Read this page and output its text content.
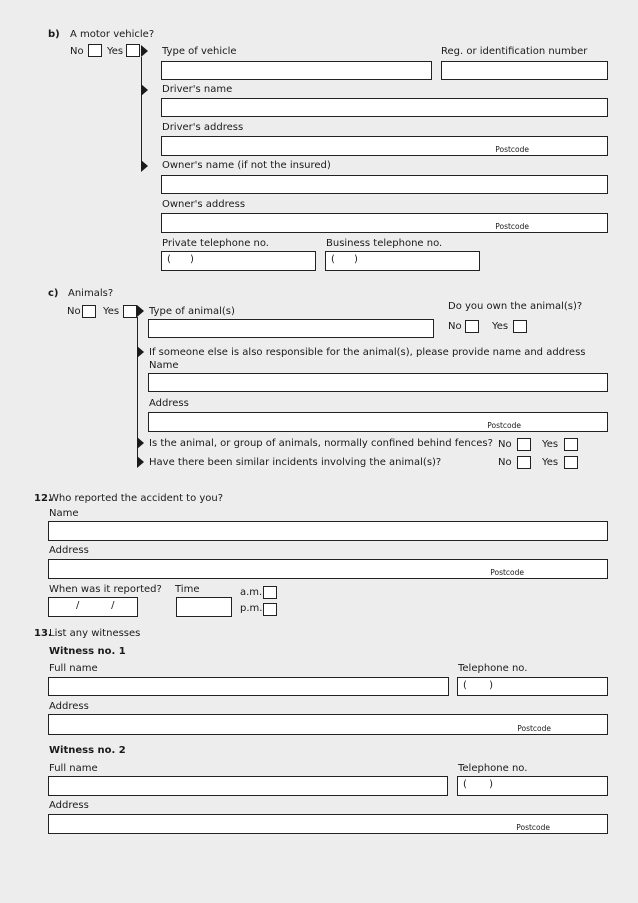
b) A motor vehicle?
No Yes	Type of vehicle	Reg. or identification number
Driver's name
Driver's address
Postcode
Owner's name (if not the insured)
Owner's address
Postcode
Private telephone no.	Business telephone no.
(      )	(      )
c) Animals?
No Yes	Type of animal(s)	Do you own the animal(s)?
No	Yes
If someone else is also responsible for the animal(s), please provide name and address
Name
Address
Postcode
Is the animal, or group of animals, normally confined behind fences? No	Yes
Have there been similar incidents involving the animal(s)?	No	Yes
12.
Who reported the accident to you?
Name
Address
Postcode
When was it reported?
/          /
Time	a.m.
p.m.
13.
List any witnesses
Witness no. 1
Full name	Telephone no.
(       )
Address
Postcode
Witness no. 2
Full name	Telephone no.
(       )
Address
Postcode
